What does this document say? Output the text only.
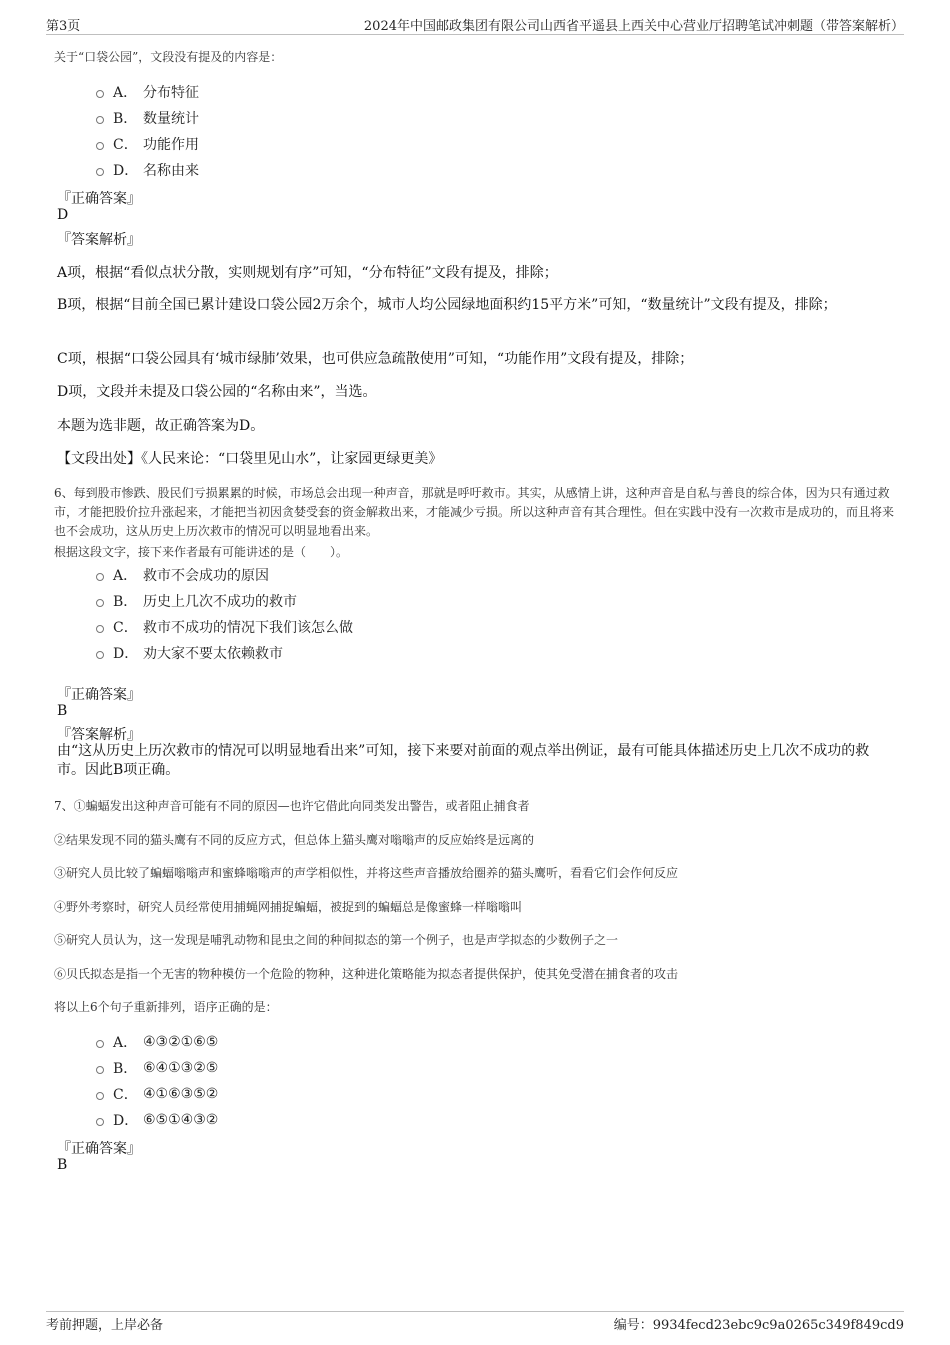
第3页	2024年中国邮政集团有限公司山西省平遥县上西关中心营业厅招聘笔试冲刺题（带答案解析）
关于“口袋公园”，文段没有提及的内容是：
A． 分布特征
B． 数量统计
C． 功能作用
D． 名称由来
『正确答案』
D
『答案解析』
A项，根据“看似点状分散，实则规划有序”可知，“分布特征”文段有提及，排除；
B项，根据“目前全国已累计建设口袋公园2万余个，城市人均公园绿地面积约15平方米”可知，“数量统计”文段有提及，排除；
C项，根据“口袋公园具有‘城市绿肺’效果，也可供应急疏散使用”可知，“功能作用”文段有提及，排除；
D项，文段并未提及口袋公园的“名称由来”，当选。
本题为选非题，故正确答案为D。
【文段出处】《人民来论：“口袋里见山水”，让家园更绿更美》
6、每到股市惨跌、股民们亏损累累的时候，市场总会出现一种声音，那就是呼吁救市。其实，从感情上讲，这种声音是自私与善良的综合体，因为只有通过救市，才能把股价拉升涨起来，才能把当初因贪婪受套的资金解救出来，才能减少亏损。所以这种声音有其合理性。但在实践中没有一次救市是成功的，而且将来也不会成功，这从历史上历次救市的情况可以明显地看出来。
根据这段文字，接下来作者最有可能讲述的是（　　）。
A． 救市不会成功的原因
B． 历史上几次不成功的救市
C． 救市不成功的情况下我们该怎么做
D． 劝大家不要太依赖救市
『正确答案』
B
『答案解析』
由“这从历史上历次救市的情况可以明显地看出来”可知，接下来要对前面的观点举出例证，最有可能具体描述历史上几次不成功的救市。因此B项正确。
7、①蝙蝠发出这种声音可能有不同的原因—也许它借此向同类发出警告，或者阻止捕食者
②结果发现不同的猫头鹰有不同的反应方式，但总体上猫头鹰对嗡嗡声的反应始终是远离的
③研究人员比较了蝙蝠嗡嗡声和蜜蜂嗡嗡声的声学相似性，并将这些声音播放给圈养的猫头鹰听，看看它们会作何反应
④野外考察时，研究人员经常使用捕蝇网捕捉蝙蝠，被捉到的蝙蝠总是像蜜蜂一样嗡嗡叫
⑤研究人员认为，这一发现是哺乳动物和昆虫之间的种间拟态的第一个例子，也是声学拟态的少数例子之一
⑥贝氏拟态是指一个无害的物种模仿一个危险的物种，这种进化策略能为拟态者提供保护，使其免受潜在捕食者的攻击
将以上6个句子重新排列，语序正确的是：
A． ④③②①⑥⑤
B． ⑥④①③②⑤
C． ④①⑥③⑤②
D． ⑥⑤①④③②
『正确答案』
B
考前押题，上岸必备	编号：9934fecd23ebc9c9a0265c349f849cd9
